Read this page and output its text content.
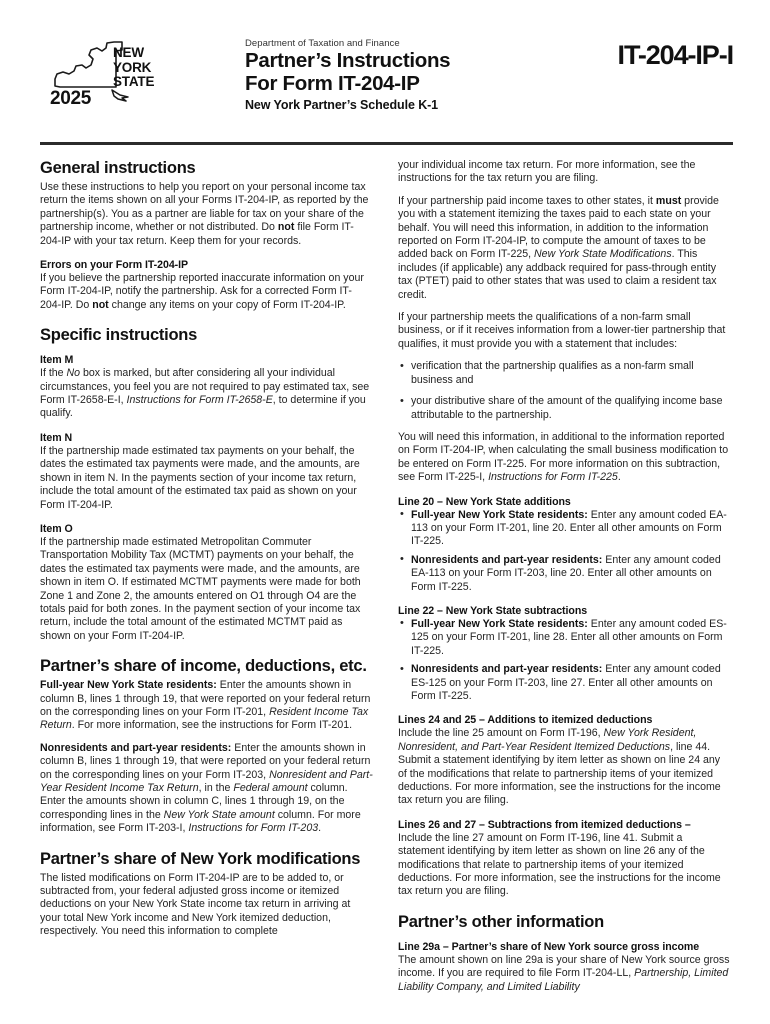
NEW
YORK
STATE
2025
Department of Taxation and Finance
Partner’s Instructions
For Form IT-204-IP
New York Partner’s Schedule K-1
IT-204-IP-I
General instructions

Use these instructions to help you report on your personal income tax return the items shown on all your Forms IT-204-IP, as reported by the partnership(s). You as a partner are liable for tax on your share of the partnership income, whether or not distributed. Do not file Form IT-204-IP with your tax return. Keep them for your records.

Errors on your Form IT-204-IP

If you believe the partnership reported inaccurate information on your Form IT-204-IP, notify the partnership. Ask for a corrected Form IT-204-IP. Do not change any items on your copy of Form IT-204-IP.

Specific instructions
Item M

If the No box is marked, but after considering all your individual circumstances, you feel you are not required to pay estimated tax, see Form IT-2658-E-I, Instructions for Form IT-2658-E, to determine if you qualify.

Item N

If the partnership made estimated tax payments on your behalf, the dates the estimated tax payments were made, and the amounts, are shown in item N. In the payments section of your income tax return, include the total amount of the estimated tax paid as shown on your Form IT-204-IP.

Item O

If the partnership made estimated Metropolitan Commuter Transportation Mobility Tax (MCTMT) payments on your behalf, the dates the estimated tax payments were made, and the amounts, are shown in item O. If estimated MCTMT payments were made for both Zone 1 and Zone 2, the amounts entered on O1 through O4 are the totals paid for both zones. In the payment section of your income tax return, include the total amount of the estimated MCTMT paid as shown on your Form IT-204-IP.

Partner’s share of income, deductions, etc.

Full-year New York State residents: Enter the amounts shown in column B, lines 1 through 19, that were reported on your federal return on the corresponding lines on your Form IT-201, Resident Income Tax Return. For more information, see the instructions for Form IT-201.

Nonresidents and part-year residents: Enter the amounts shown in column B, lines 1 through 19, that were reported on your federal return on the corresponding lines on your Form IT-203, Nonresident and Part-Year Resident Income Tax Return, in the Federal amount column. Enter the amounts shown in column C, lines 1 through 19, on the corresponding lines in the New York State amount column. For more information, see Form IT-203-I, Instructions for Form IT-203.

Partner’s share of New York modifications

The listed modifications on Form IT-204-IP are to be added to, or subtracted from, your federal adjusted gross income or itemized deductions on your New York State income tax return in arriving at your total New York income and New York itemized deduction, respectively. You need this information to complete

your individual income tax return. For more information, see the instructions for the tax return you are filing.

If your partnership paid income taxes to other states, it must provide you with a statement itemizing the taxes paid to each state on your behalf. You will need this information, in addition to the information reported on Form IT-204-IP, to compute the amount of taxes to be added back on Form IT-225, New York State Modifications. This includes (if applicable) any addback required for pass-through entity tax (PTET) paid to other states that was used to claim a resident tax credit.

If your partnership meets the qualifications of a non-farm small business, or if it receives information from a lower-tier partnership that qualifies, it must provide you with a statement that includes:

• verification that the partnership qualifies as a non-farm small business and
• your distributive share of the amount of the qualifying income base attributable to the partnership.

You will need this information, in additional to the information reported on Form IT-204-IP, when calculating the small business modification to be entered on Form IT-225. For more information on this subtraction, see Form IT-225-I, Instructions for Form IT-225.

Line 20 – New York State additions
• Full-year New York State residents: Enter any amount coded EA-113 on your Form IT-201, line 20. Enter all other amounts on Form IT-225.
• Nonresidents and part-year residents: Enter any amount coded EA-113 on your Form IT-203, line 20. Enter all other amounts on Form IT-225.
Line 22 – New York State subtractions
• Full-year New York State residents: Enter any amount coded ES-125 on your Form IT-201, line 28. Enter all other amounts on Form IT-225.
• Nonresidents and part-year residents: Enter any amount coded ES-125 on your Form IT-203, line 27. Enter all other amounts on Form IT-225.
Lines 24 and 25 – Additions to itemized deductions

Include the line 25 amount on Form IT-196, New York Resident, Nonresident, and Part-Year Resident Itemized Deductions, line 44. Submit a statement identifying by item letter as shown on line 24 any of the modifications that relate to partnership items of your itemized deductions. For more information, see the instructions for the income tax return you are filing.

Lines 26 and 27 – Subtractions from itemized deductions –

Include the line 27 amount on Form IT-196, line 41. Submit a statement identifying by item letter as shown on line 26 any of the modifications that relate to partnership items of your itemized deductions. For more information, see the instructions for the income tax return you are filing.

Partner’s other information
Line 29a – Partner’s share of New York source gross income

The amount shown on line 29a is your share of New York source gross income. If you are required to file Form IT-204-LL, Partnership, Limited Liability Company, and Limited Liability
